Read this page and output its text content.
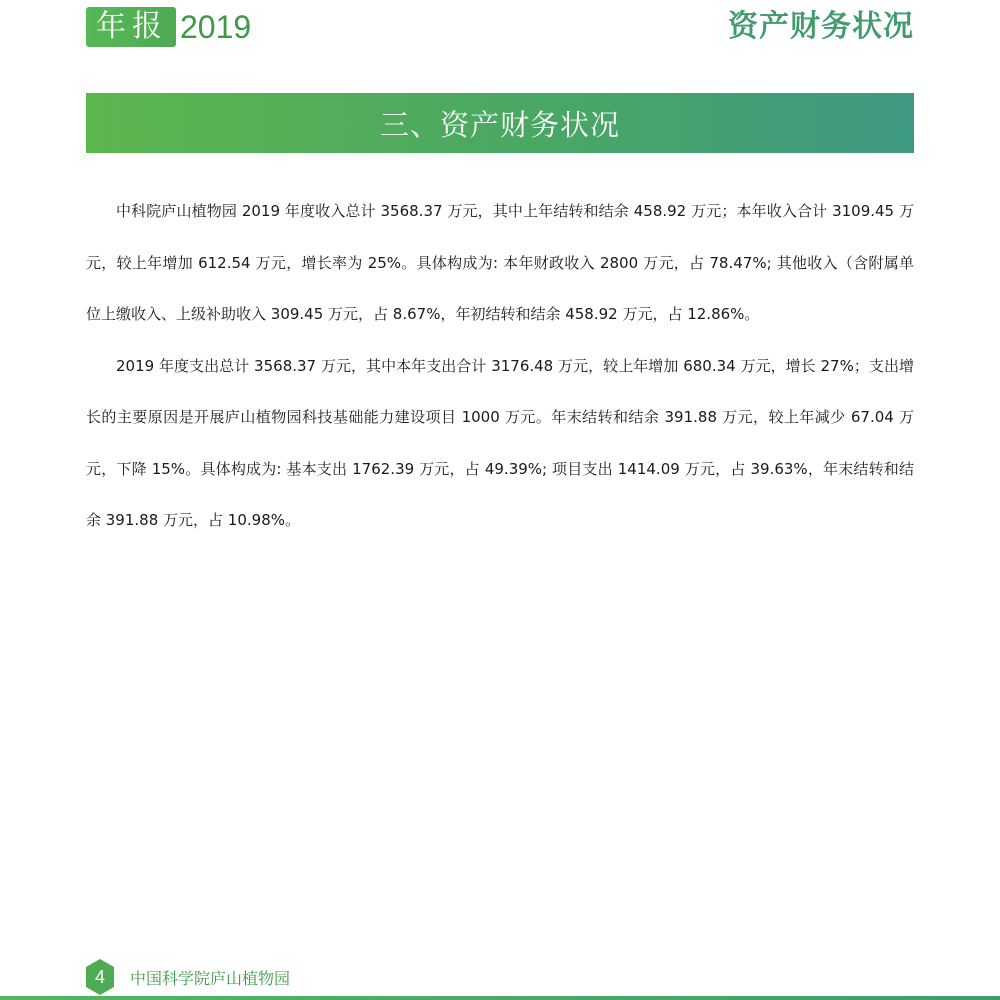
年报 2019	资产财务状况
三、资产财务状况

中科院庐山植物园 2019 年度收入总计 3568.37 万元，其中上年结转和结余 458.92 万元；本年收入合计 3109.45 万元，较上年增加 612.54 万元，增长率为 25%。具体构成为: 本年财政收入 2800 万元，占 78.47%; 其他收入（含附属单位上缴收入、上级补助收入 309.45 万元，占 8.67%，年初结转和结余 458.92 万元，占 12.86%。

2019 年度支出总计 3568.37 万元，其中本年支出合计 3176.48 万元，较上年增加 680.34 万元，增长 27%；支出增长的主要原因是开展庐山植物园科技基础能力建设项目 1000 万元。年末结转和结余 391.88 万元，较上年减少 67.04 万元，下降 15%。具体构成为: 基本支出 1762.39 万元，占 49.39%; 项目支出 1414.09 万元，占 39.63%，年末结转和结余 391.88 万元，占 10.98%。

4 中国科学院庐山植物园
